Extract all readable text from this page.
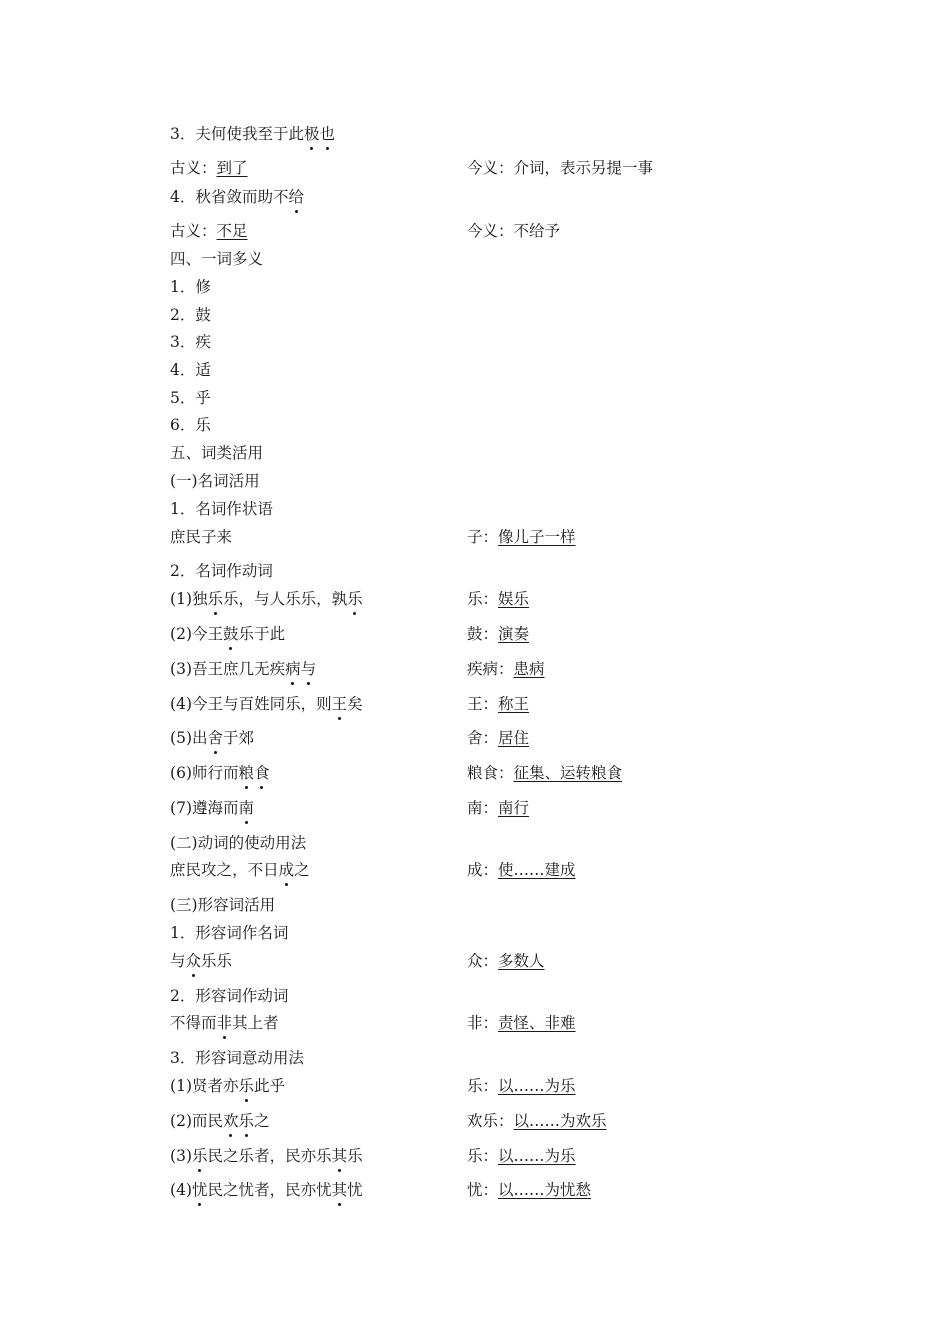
3．夫何使我至于此极也
古义：到了	今义：介词，表示另提一事
4．秋省敛而助不给
古义：不足	今义：不给予
四、一词多义
1．修
2．鼓
3．疾
4．适
5．乎
6．乐
五、词类活用
(一)名词活用
1．名词作状语
庶民子来	子：像儿子一样
2．名词作动词
(1)独乐乐，与人乐乐，孰乐	乐：娱乐
(2)今王鼓乐于此	鼓：演奏
(3)吾王庶几无疾病与	疾病：患病
(4)今王与百姓同乐，则王矣	王：称王
(5)出舍于郊	舍：居住
(6)师行而粮食	粮食：征集、运转粮食
(7)遵海而南	南：南行
(二)动词的使动用法
庶民攻之，不日成之	成：使……建成
(三)形容词活用
1．形容词作名词
与众乐乐	众：多数人
2．形容词作动词
不得而非其上者	非：责怪、非难
3．形容词意动用法
(1)贤者亦乐此乎	乐：以……为乐
(2)而民欢乐之	欢乐：以……为欢乐
(3)乐民之乐者，民亦乐其乐	乐：以……为乐
(4)忧民之忧者，民亦忧其忧	忧：以……为忧愁
